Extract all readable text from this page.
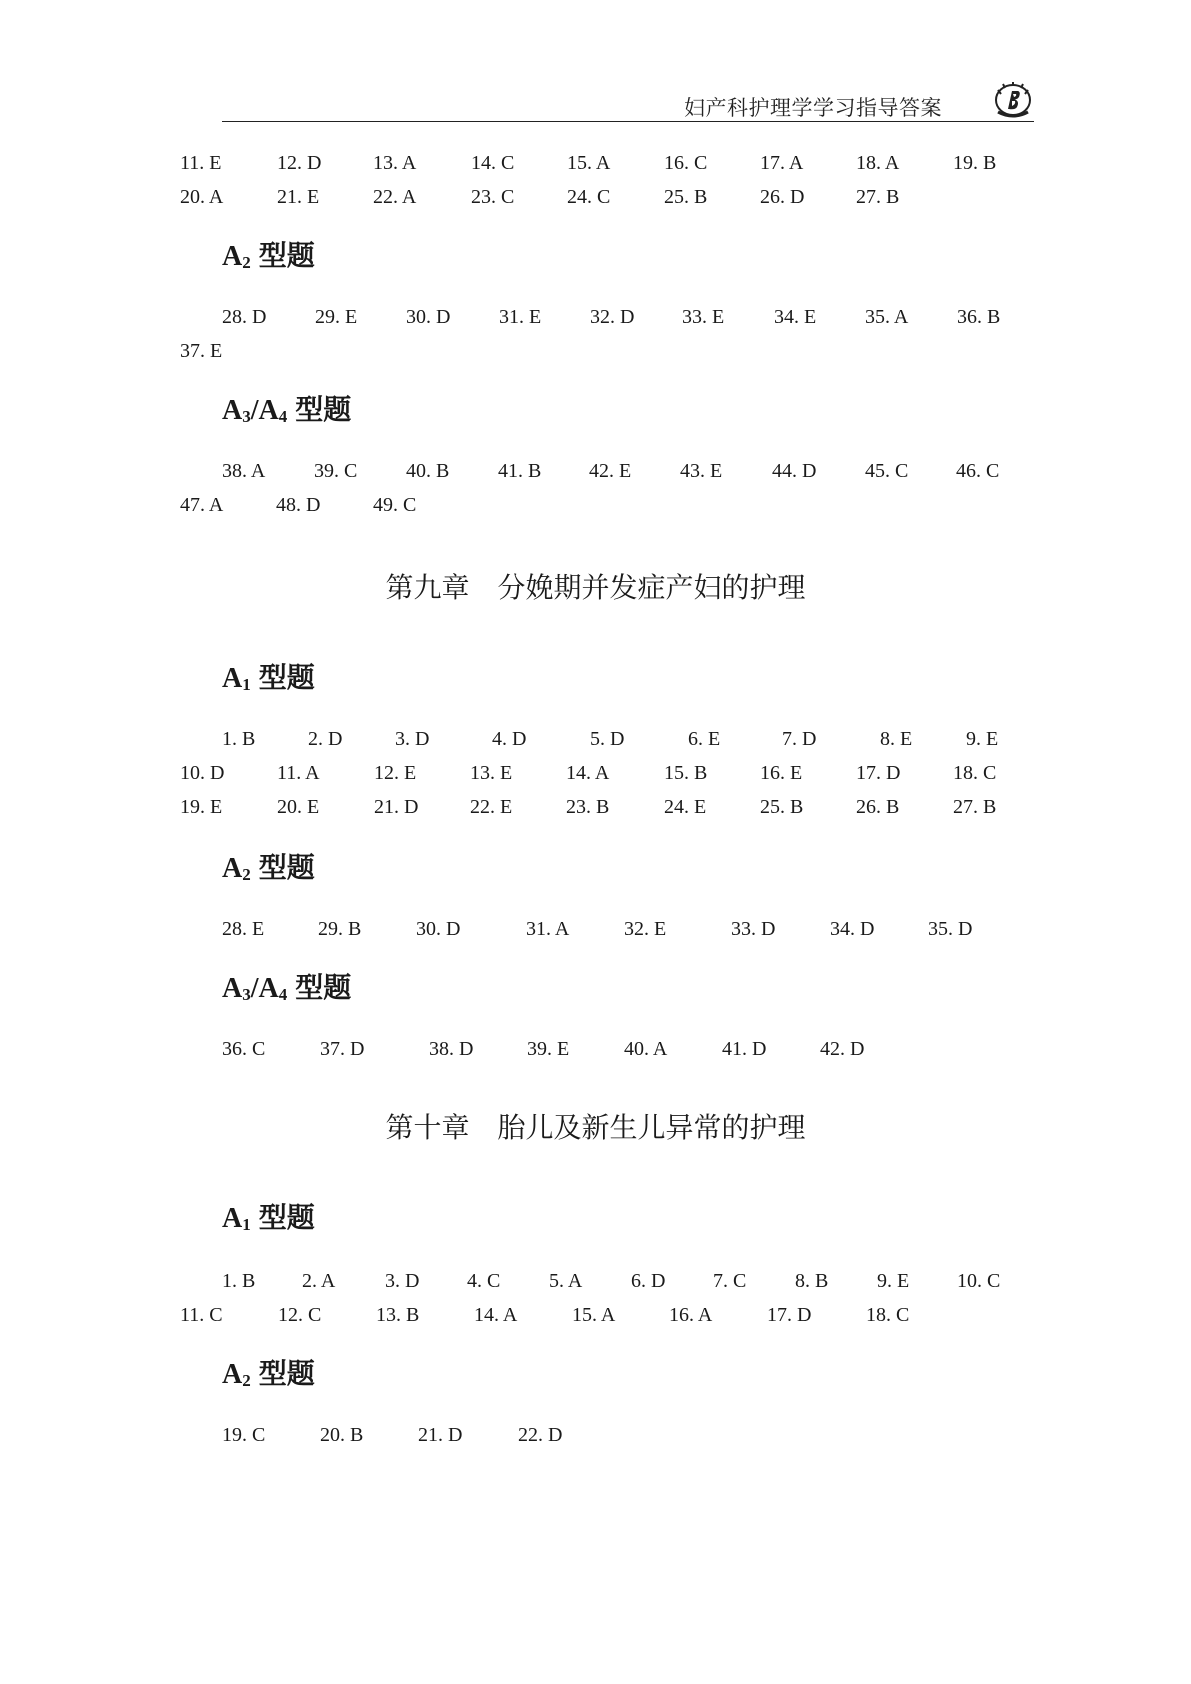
妇产科护理学学习指导答案
11. E	12. D	13. A	14. C	15. A	16. C	17. A	18. A	19. B
20. A	21. E	22. A	23. C	24. C	25. B	26. D	27. B
$A_2$ 型题
28. D 29. E 30. D 31. E 32. D 33. E 34. E 35. A 36. B
37. E
$A_3/A_4$ 型题
38. A 39. C 40. B 41. B 42. E 43. E 44. D 45. C 46. C
47. A	48. D	49. C
第九章　分娩期并发症产妇的护理
$A_1$ 型题
1. B	2. D	3. D	4. D	5. D	6. E	7. D	8. E	9. E
10. D	11. A	12. E	13. E	14. A	15. B	16. E	17. D	18. C
19. E	20. E	21. D	22. E	23. B	24. E	25. B	26. B	27. B
$A_2$ 型题
28. E	29. B	30. D	31. A	32. E	33. D	34. D	35. D
$A_3/A_4$ 型题
36. C	37. D	38. D	39. E	40. A	41. D	42. D
第十章　胎儿及新生儿异常的护理
$A_1$ 型题
1. B 2. A 3. D 4. C 5. A 6. D 7. C 8. B 9. E 10. C
11. C	12. C	13. B	14. A	15. A	16. A	17. D	18. C
$A_2$ 型题
19. C	20. B	21. D	22. D
